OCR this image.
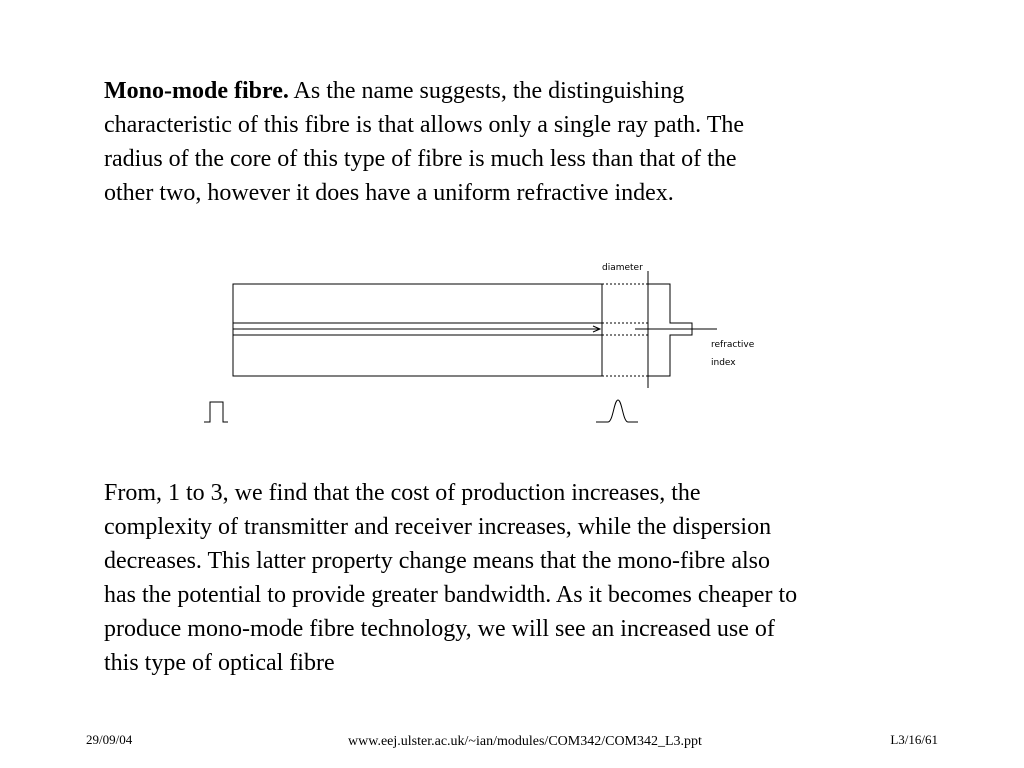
Mono-mode fibre. As the name suggests, the distinguishing
characteristic of this fibre is that allows only a single ray path. The
radius of the core of this type of fibre is much less than that of the
other two, however it does have a uniform refractive index.

diameter
refractive
index

From, 1 to 3, we find that the cost of production increases, the
complexity of transmitter and receiver increases, while the dispersion
decreases. This latter property change means that the mono-fibre also
has the potential to provide greater bandwidth. As it becomes cheaper to
produce mono-mode fibre technology, we will see an increased use of
this type of optical fibre

29/09/04	www.eej.ulster.ac.uk/~ian/modules/COM342/COM342_L3.ppt	L3/16/61
